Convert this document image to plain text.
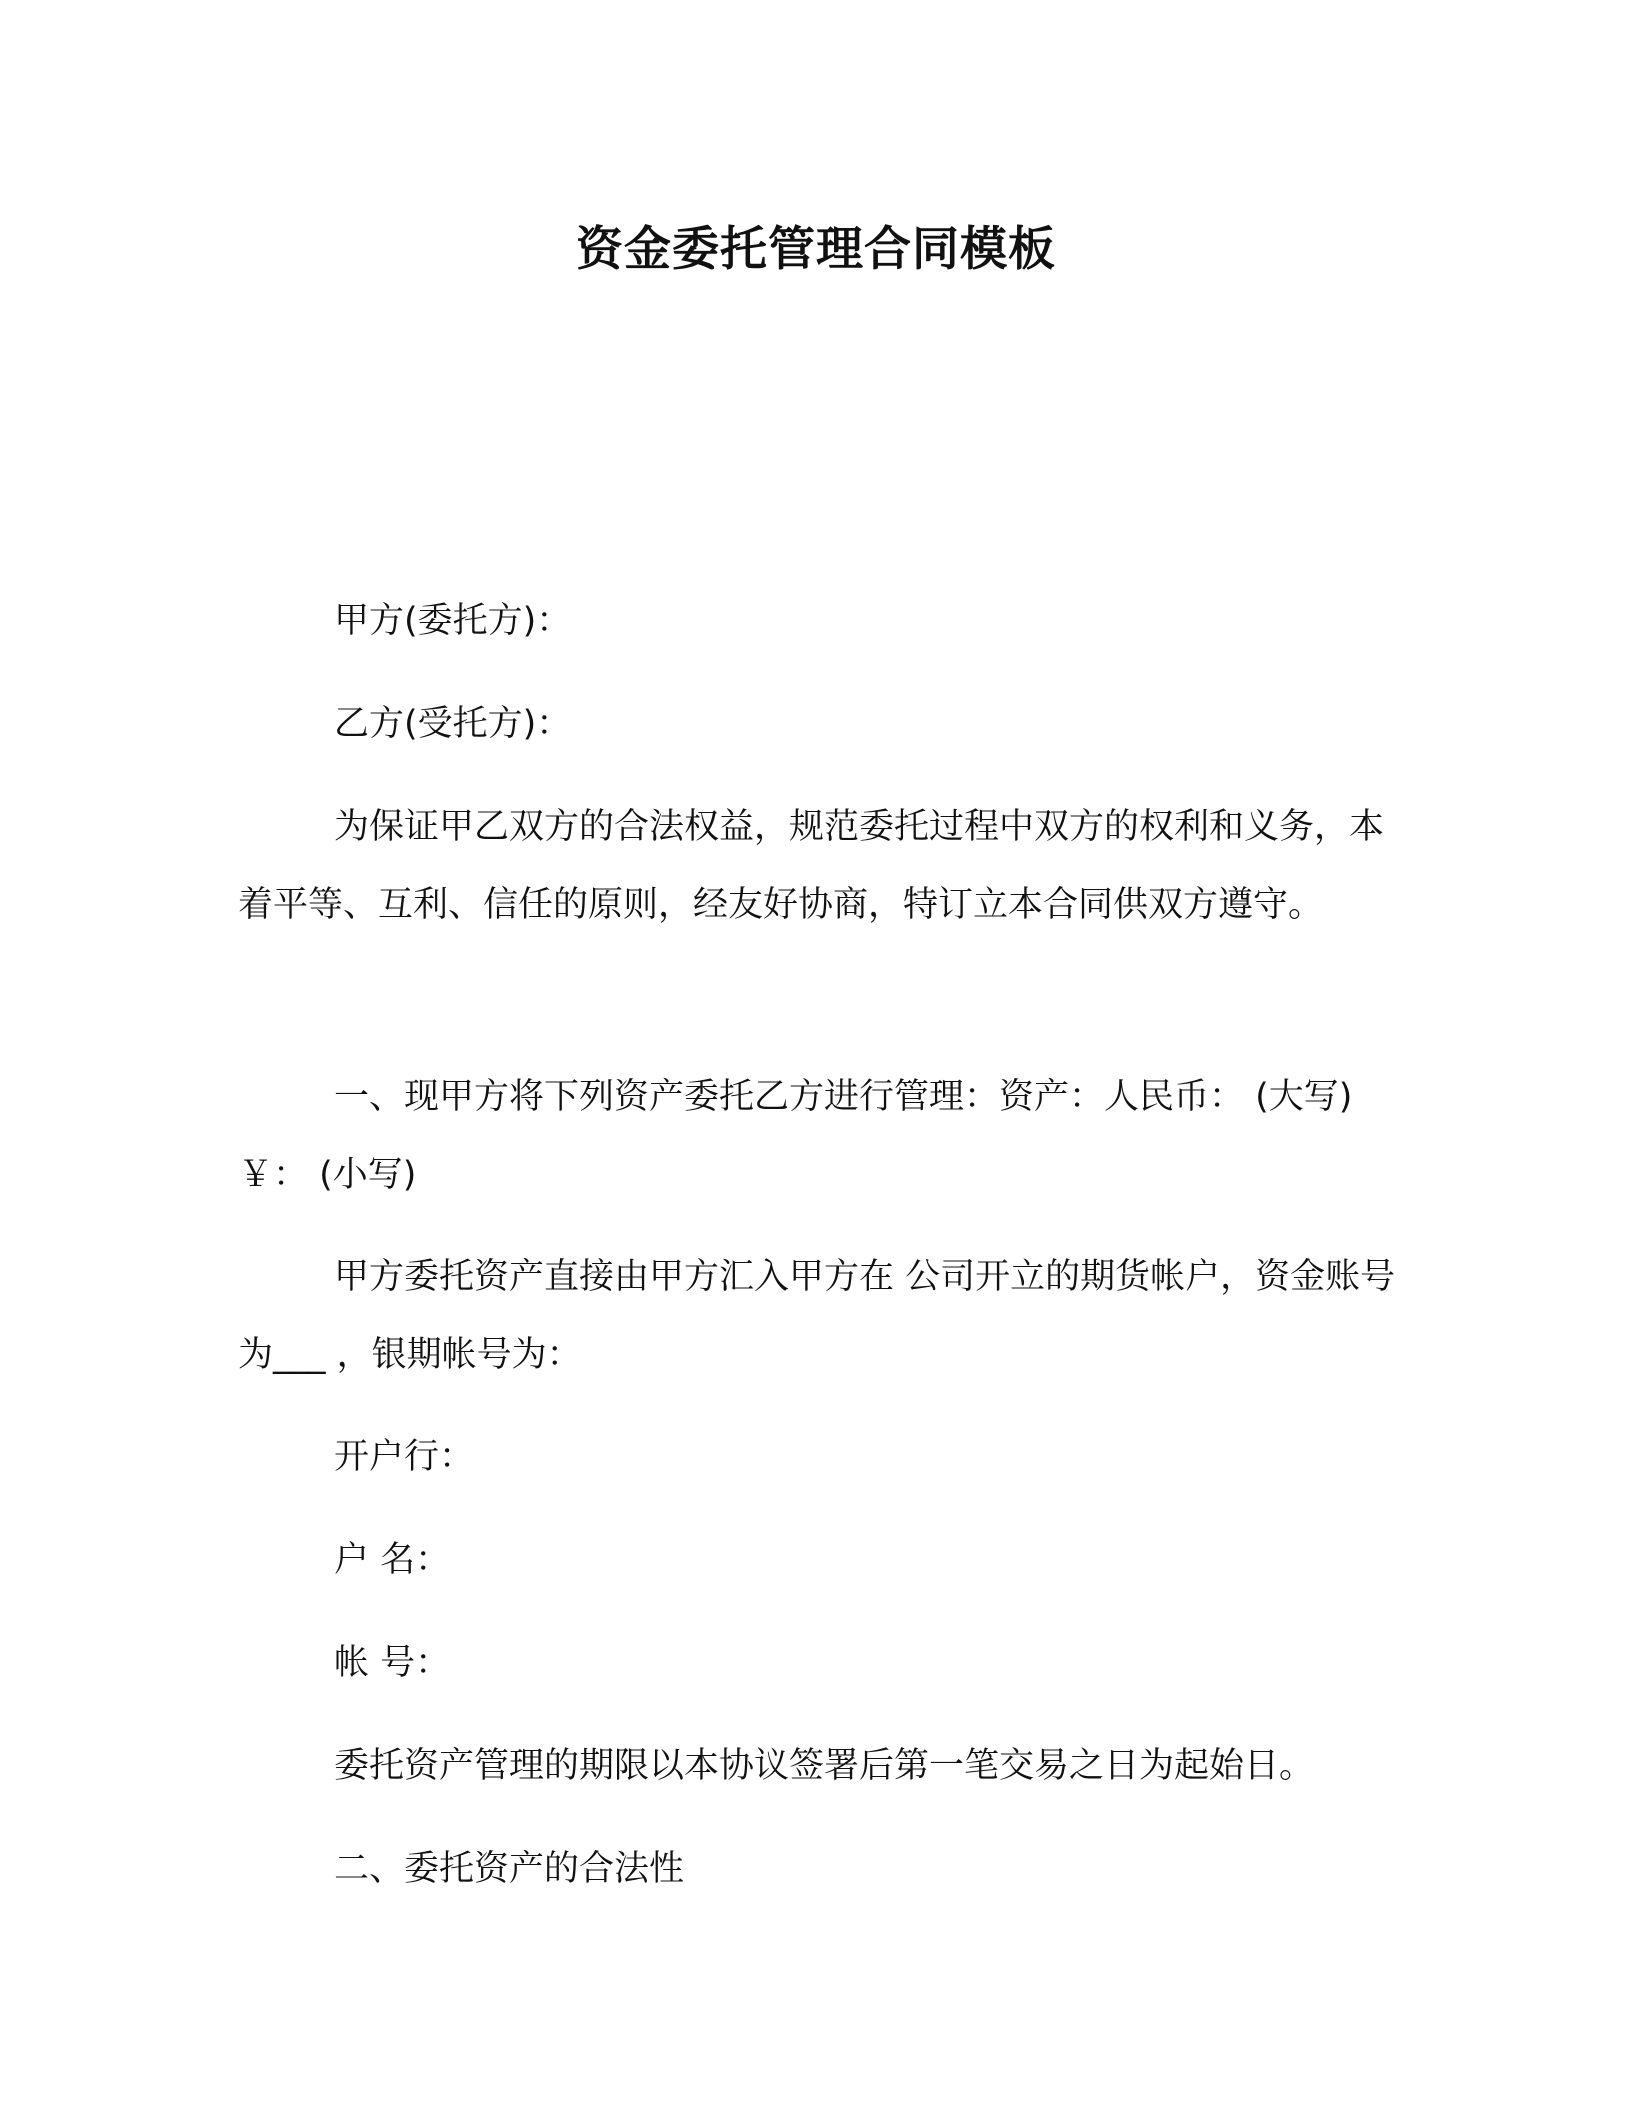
资金委托管理合同模板

甲方(委托方)：

乙方(受托方)：

为保证甲乙双方的合法权益，规范委托过程中双方的权利和义务，本着平等、互利、信任的原则，经友好协商，特订立本合同供双方遵守。

一、现甲方将下列资产委托乙方进行管理：资产：人民币： (大写)￥： (小写)

甲方委托资产直接由甲方汇入甲方在 公司开立的期货帐户，资金账号为___ ，银期帐号为：

开户行：

户 名：

帐 号：

委托资产管理的期限以本协议签署后第一笔交易之日为起始日。

二、委托资产的合法性
